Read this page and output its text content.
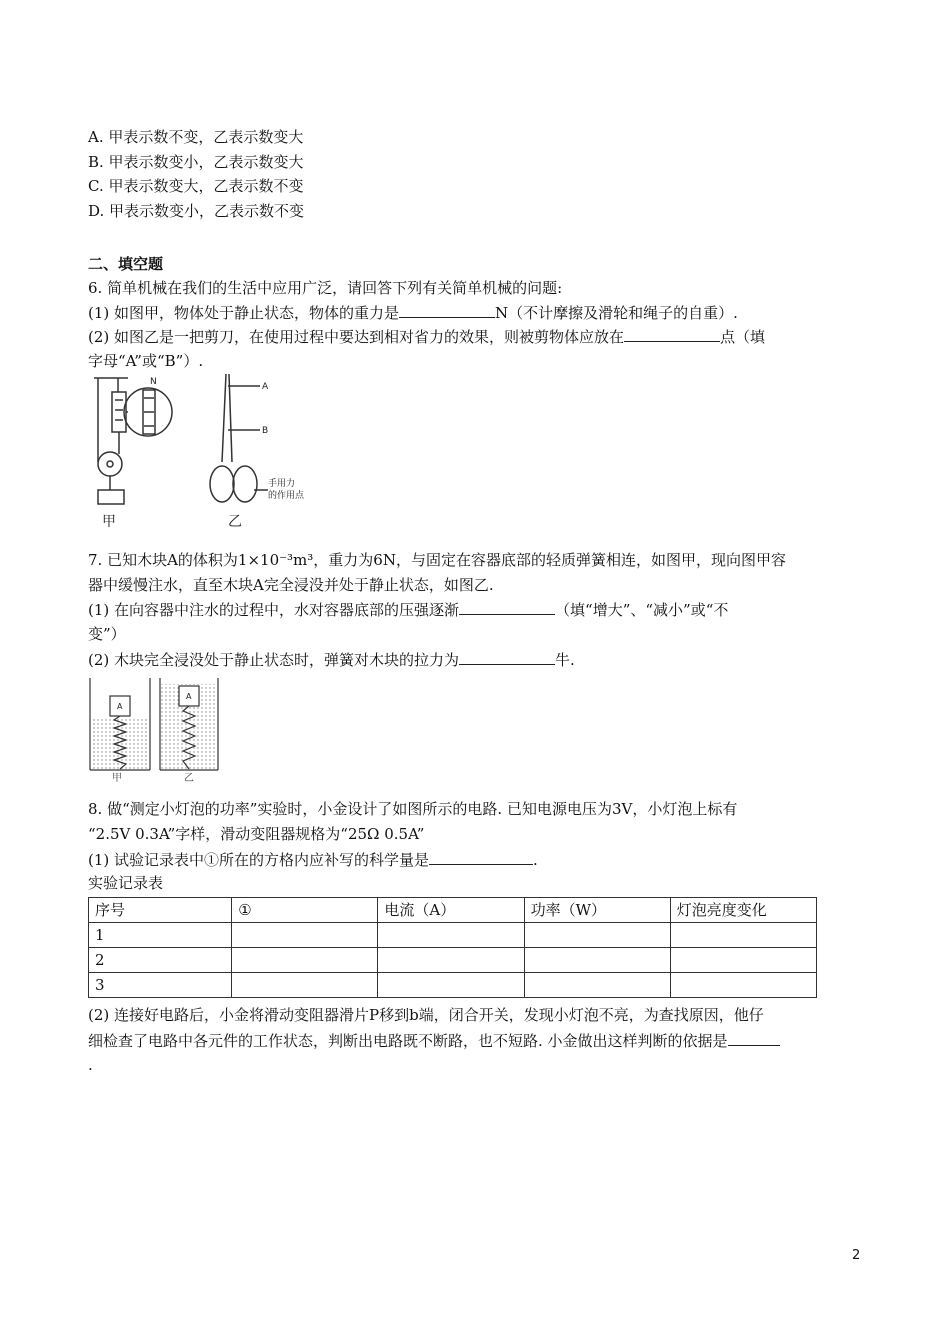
A. 甲表示数不变，乙表示数变大
B. 甲表示数变小，乙表示数变大
C. 甲表示数变大，乙表示数不变
D. 甲表示数变小，乙表示数不变
二、填空题
6. 简单机械在我们的生活中应用广泛，请回答下列有关简单机械的问题:
(1) 如图甲，物体处于静止状态，物体的重力是	N（不计摩擦及滑轮和绳子的自重）.
(2) 如图乙是一把剪刀，在使用过程中要达到相对省力的效果，则被剪物体应放在	点（填
字母“A”或“B”）.
N	A
B
手用力
的作用点
甲	乙
7. 已知木块A的体积为1×10⁻³m³，重力为6N，与固定在容器底部的轻质弹簧相连，如图甲，现向图甲容
器中缓慢注水，直至木块A完全浸没并处于静止状态，如图乙.
(1) 在向容器中注水的过程中，水对容器底部的压强逐渐	（填“增大”、“减小”或“不
变”）
(2) 木块完全浸没处于静止状态时，弹簧对木块的拉力为	牛.
A
A
甲	乙
8. 做“测定小灯泡的功率”实验时，小金设计了如图所示的电路. 已知电源电压为3V，小灯泡上标有
“2.5V 0.3A”字样，滑动变阻器规格为“25Ω 0.5A”
(1) 试验记录表中①所在的方格内应补写的科学量是	.
实验记录表
序号	①	电流（A）	功率（W）	灯泡亮度变化
1				
2				
3				
(2) 连接好电路后，小金将滑动变阻器滑片P移到b端，闭合开关，发现小灯泡不亮，为查找原因，他仔
细检查了电路中各元件的工作状态，判断出电路既不断路，也不短路. 小金做出这样判断的依据是
.
2
